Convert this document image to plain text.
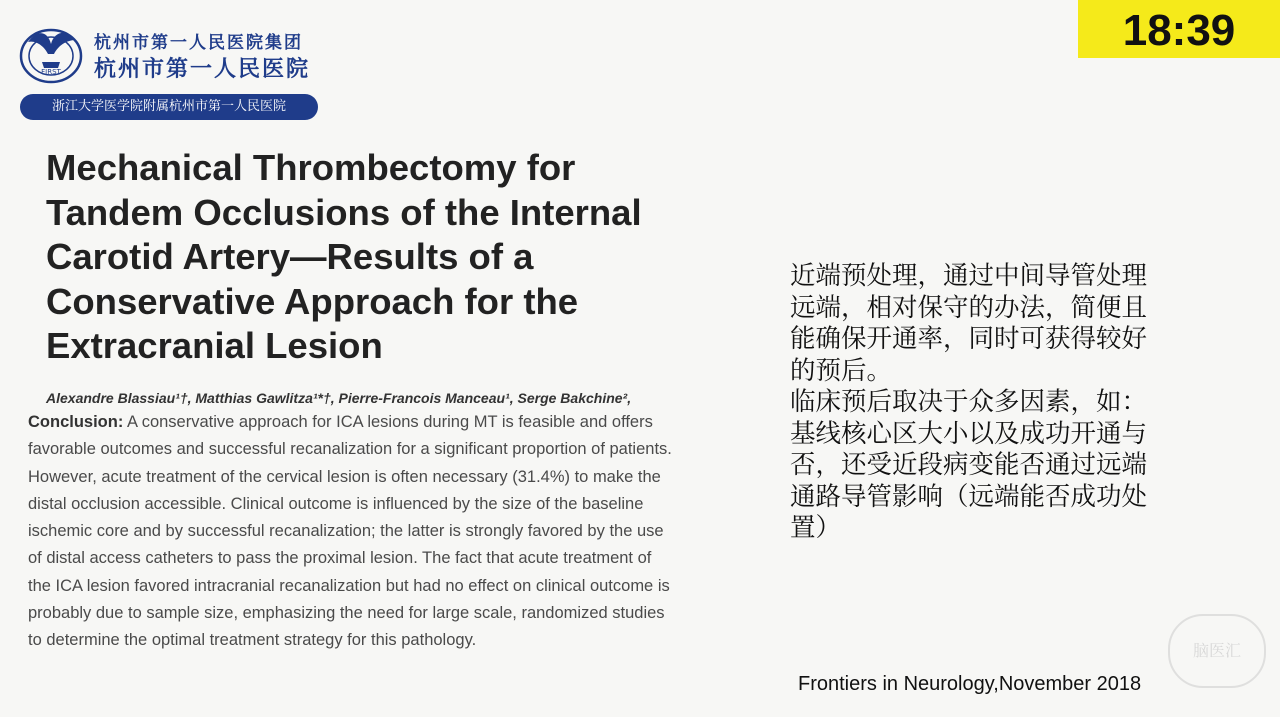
FIRST
杭州市第一人民医院集团
杭州市第一人民医院
浙江大学医学院附属杭州市第一人民医院
18:39
Mechanical Thrombectomy for
Tandem Occlusions of the Internal
Carotid Artery—Results of a
Conservative Approach for the
Extracranial Lesion
Alexandre Blassiau¹†, Matthias Gawlitza¹*†, Pierre-Francois Manceau¹, Serge Bakchine²,
Conclusion: A conservative approach for ICA lesions during MT is feasible and offers
favorable outcomes and successful recanalization for a significant proportion of patients.
However, acute treatment of the cervical lesion is often necessary (31.4%) to make the
distal occlusion accessible. Clinical outcome is influenced by the size of the baseline
ischemic core and by successful recanalization; the latter is strongly favored by the use
of distal access catheters to pass the proximal lesion. The fact that acute treatment of
the ICA lesion favored intracranial recanalization but had no effect on clinical outcome is
probably due to sample size, emphasizing the need for large scale, randomized studies
to determine the optimal treatment strategy for this pathology.
近端预处理，通过中间导管处理
远端，相对保守的办法，简便且
能确保开通率，同时可获得较好
的预后。
临床预后取决于众多因素，如：
基线核心区大小以及成功开通与
否，还受近段病变能否通过远端
通路导管影响（远端能否成功处
置）
Frontiers in Neurology,November 2018
脑医汇
